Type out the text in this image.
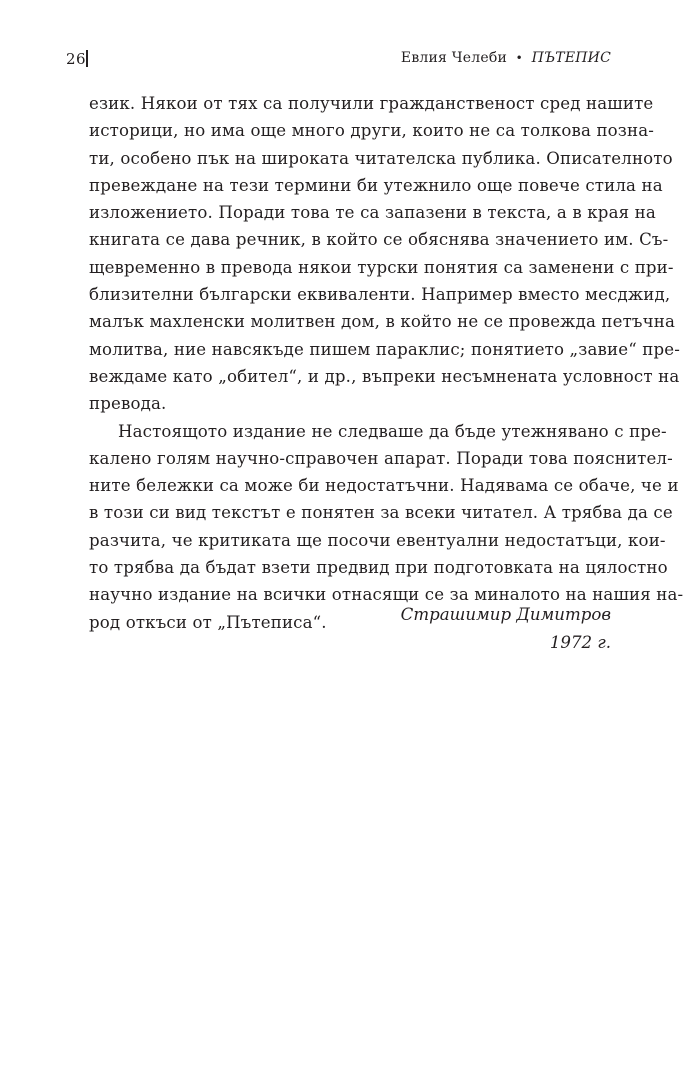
26	Евлия Челеби • ПЪТЕПИС
език. Някои от тях са получили гражданственост сред нашите
историци, но има още много други, които не са толкова позна-
ти, особено пък на широката читателска публика. Описателното
превеждане на тези термини би утежнило още повече стила на
изложението. Поради това те са запазени в текста, а в края на
книгата се дава речник, в който се обяснява значението им. Съ-
щевременно в превода някои турски понятия са заменени с при-
близителни български еквиваленти. Например вместо месджид,
малък махленски молитвен дом, в който не се провежда петъчна
молитва, ние навсякъде пишем параклис; понятието „завие“ пре-
веждаме като „обител“, и др., въпреки несъмнената условност на
превода.
Настоящото издание не следваше да бъде утежнявано с пре-
калено голям научно-справочен апарат. Поради това пояснител-
ните бележки са може би недостатъчни. Надявама се обаче, че и
в този си вид текстът е понятен за всеки читател. А трябва да се
разчита, че критиката ще посочи евентуални недостатъци, кои-
то трябва да бъдат взети предвид при подготовката на цялостно
научно издание на всички отнасящи се за миналото на нашия на-
род откъси от „Пътеписа“.	Страшимир Димитров
1972 г.
